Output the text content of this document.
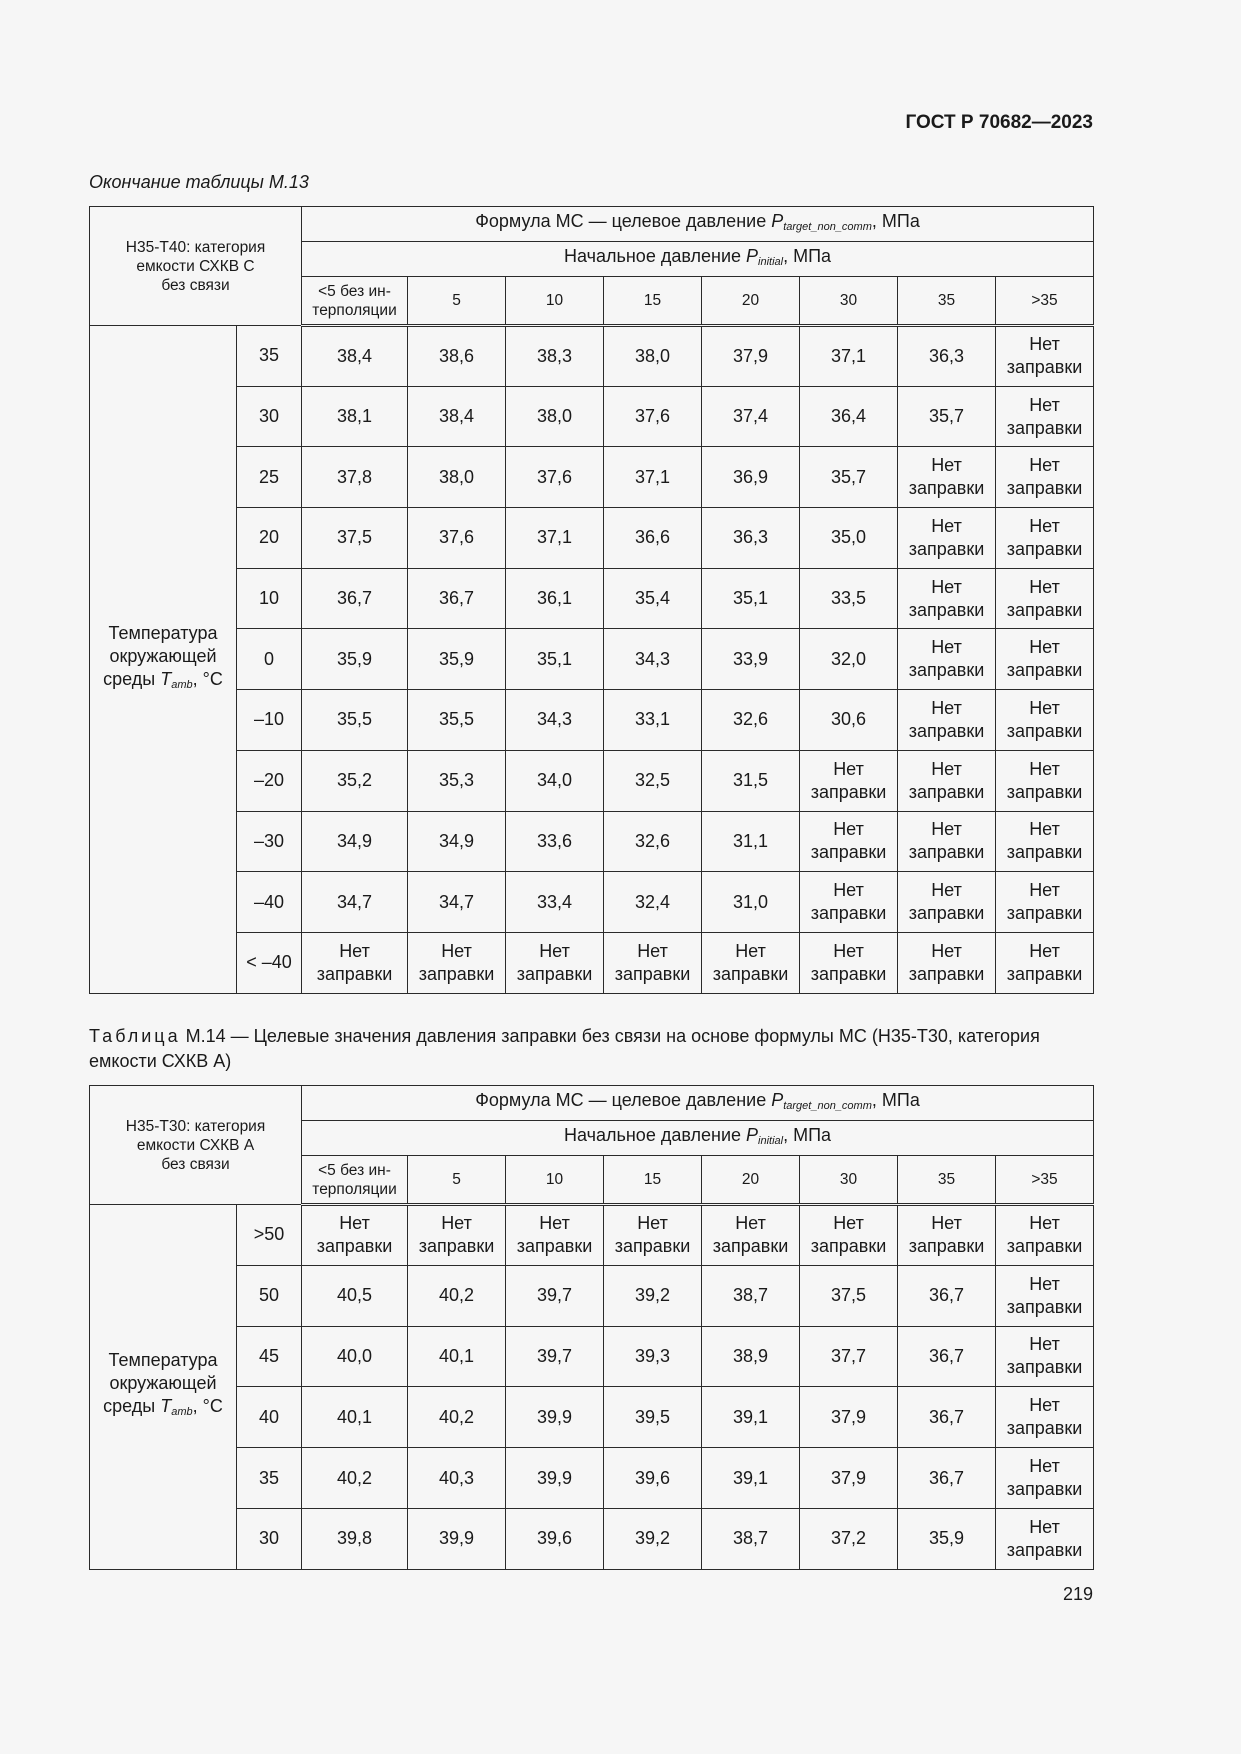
ГОСТ Р 70682—2023
Окончание таблицы М.13
Н35-Т40: категория
емкости СХКВ С
без связи		Формула МС — целевое давление $P_{target\_non\_comm}$, МПа							
		Начальное давление $P_{initial}$, МПа							
		<5 без ин-
терполяции	5	10	15	20	30	35	>35
Температура
окружающей
среды $T_{amb}$, °С	35	38,4	38,6	38,3	38,0	37,9	37,1	36,3	Нет заправки
	30	38,1	38,4	38,0	37,6	37,4	36,4	35,7	Нет заправки
	25	37,8	38,0	37,6	37,1	36,9	35,7	Нет заправки	Нет заправки
	20	37,5	37,6	37,1	36,6	36,3	35,0	Нет заправки	Нет заправки
	10	36,7	36,7	36,1	35,4	35,1	33,5	Нет заправки	Нет заправки
	0	35,9	35,9	35,1	34,3	33,9	32,0	Нет заправки	Нет заправки
	–10	35,5	35,5	34,3	33,1	32,6	30,6	Нет заправки	Нет заправки
	–20	35,2	35,3	34,0	32,5	31,5	Нет заправки	Нет заправки	Нет заправки
	–30	34,9	34,9	33,6	32,6	31,1	Нет заправки	Нет заправки	Нет заправки
	–40	34,7	34,7	33,4	32,4	31,0	Нет заправки	Нет заправки	Нет заправки
	< –40	Нет заправки	Нет заправки	Нет заправки	Нет заправки	Нет заправки	Нет заправки	Нет заправки	Нет заправки
Таблица М.14 — Целевые значения давления заправки без связи на основе формулы МС (Н35-Т30, категория емкости СХКВ А)
Н35-Т30: категория
емкости СХКВ А
без связи		Формула МС — целевое давление $P_{target\_non\_comm}$, МПа							
		Начальное давление $P_{initial}$, МПа							
		<5 без ин-
терполяции	5	10	15	20	30	35	>35
Температура
окружающей
среды $T_{amb}$, °С	>50	Нет заправки	Нет заправки	Нет заправки	Нет заправки	Нет заправки	Нет заправки	Нет заправки	Нет заправки
	50	40,5	40,2	39,7	39,2	38,7	37,5	36,7	Нет заправки
	45	40,0	40,1	39,7	39,3	38,9	37,7	36,7	Нет заправки
	40	40,1	40,2	39,9	39,5	39,1	37,9	36,7	Нет заправки
	35	40,2	40,3	39,9	39,6	39,1	37,9	36,7	Нет заправки
	30	39,8	39,9	39,6	39,2	38,7	37,2	35,9	Нет заправки
219
